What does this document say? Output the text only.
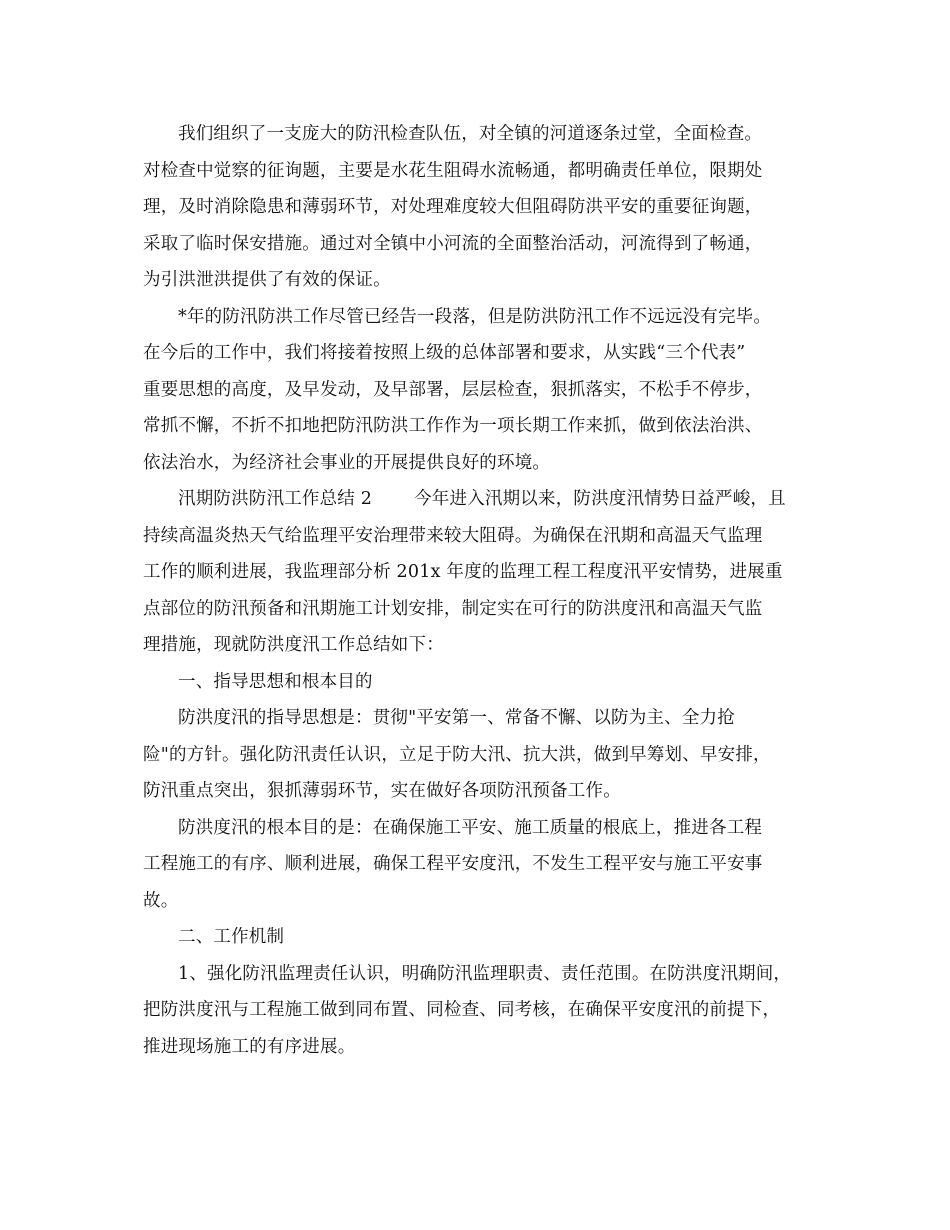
我们组织了一支庞大的防汛检查队伍，对全镇的河道逐条过堂，全面检查。
对检查中觉察的征询题，主要是水花生阻碍水流畅通，都明确责任单位，限期处
理，及时消除隐患和薄弱环节，对处理难度较大但阻碍防洪平安的重要征询题，
采取了临时保安措施。通过对全镇中小河流的全面整治活动，河流得到了畅通，
为引洪泄洪提供了有效的保证。
*年的防汛防洪工作尽管已经告一段落，但是防洪防汛工作不远远没有完毕。
在今后的工作中，我们将接着按照上级的总体部署和要求，从实践“三个代表”
重要思想的高度，及早发动，及早部署，层层检查，狠抓落实，不松手不停步，
常抓不懈，不折不扣地把防汛防洪工作作为一项长期工作来抓，做到依法治洪、
依法治水，为经济社会事业的开展提供良好的环境。
汛期防洪防汛工作总结 2 今年进入汛期以来，防洪度汛情势日益严峻，且
持续高温炎热天气给监理平安治理带来较大阻碍。为确保在汛期和高温天气监理
工作的顺利进展，我监理部分析 201x 年度的监理工程工程度汛平安情势，进展重
点部位的防汛预备和汛期施工计划安排，制定实在可行的防洪度汛和高温天气监
理措施，现就防洪度汛工作总结如下：
一、指导思想和根本目的
防洪度汛的指导思想是：贯彻"平安第一、常备不懈、以防为主、全力抢
险"的方针。强化防汛责任认识，立足于防大汛、抗大洪，做到早筹划、早安排，
防汛重点突出，狠抓薄弱环节，实在做好各项防汛预备工作。
防洪度汛的根本目的是：在确保施工平安、施工质量的根底上，推进各工程
工程施工的有序、顺利进展，确保工程平安度汛，不发生工程平安与施工平安事
故。
二、工作机制
1、强化防汛监理责任认识，明确防汛监理职责、责任范围。在防洪度汛期间，
把防洪度汛与工程施工做到同布置、同检查、同考核，在确保平安度汛的前提下，
推进现场施工的有序进展。
